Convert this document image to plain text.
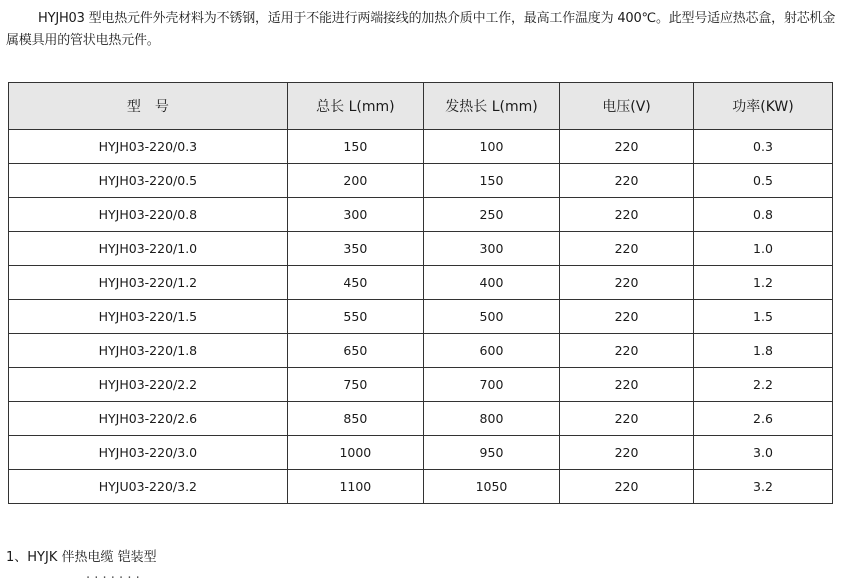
HYJH03 型电热元件外壳材料为不锈钢，适用于不能进行两端接线的加热介质中工作，最高工作温度为 400℃。此型号适应热芯盒，射芯机金属模具用的管状电热元件。

型　号	总长 L(mm)	发热长 L(mm)	电压(V)	功率(KW)
HYJH03-220/0.3	150	100	220	0.3
HYJH03-220/0.5	200	150	220	0.5
HYJH03-220/0.8	300	250	220	0.8
HYJH03-220/1.0	350	300	220	1.0
HYJH03-220/1.2	450	400	220	1.2
HYJH03-220/1.5	550	500	220	1.5
HYJH03-220/1.8	650	600	220	1.8
HYJH03-220/2.2	750	700	220	2.2
HYJH03-220/2.6	850	800	220	2.6
HYJH03-220/3.0	1000	950	220	3.0
HYJU03-220/3.2	1100	1050	220	3.2

1、HYJK 伴热电缆 铠装型

· · · · · · ·
